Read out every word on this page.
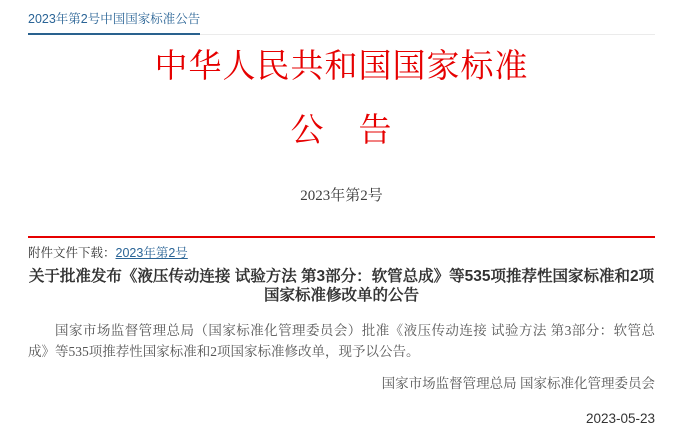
2023年第2号中国国家标准公告
中华人民共和国国家标准
公　告
2023年第2号
附件文件下载：2023年第2号
关于批准发布《液压传动连接 试验方法 第3部分：软管总成》等535项推荐性国家标准和2项国家标准修改单的公告
国家市场监督管理总局（国家标准化管理委员会）批准《液压传动连接 试验方法 第3部分：软管总成》等535项推荐性国家标准和2项国家标准修改单，现予以公告。
国家市场监督管理总局 国家标准化管理委员会
2023-05-23
